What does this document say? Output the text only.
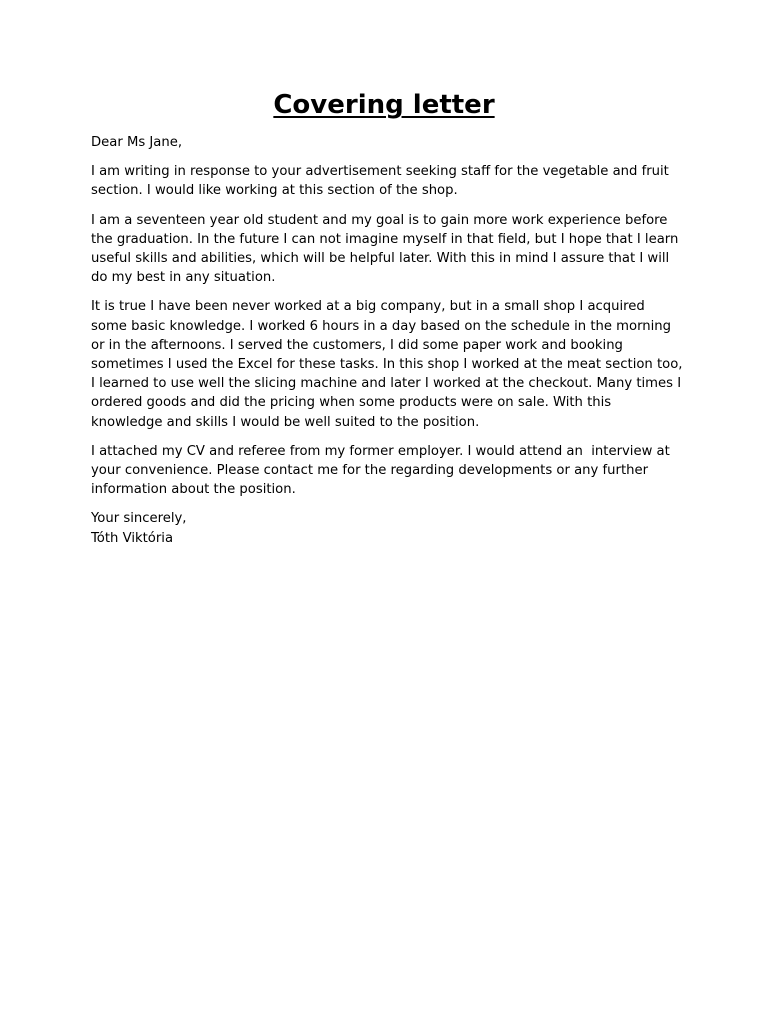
Covering letter

Dear Ms Jane,

I am writing in response to your advertisement seeking staff for the vegetable and fruit section. I would like working at this section of the shop.

I am a seventeen year old student and my goal is to gain more work experience before the graduation. In the future I can not imagine myself in that field, but I hope that I learn useful skills and abilities, which will be helpful later. With this in mind I assure that I will do my best in any situation.

It is true I have been never worked at a big company, but in a small shop I acquired some basic knowledge. I worked 6 hours in a day based on the schedule in the morning or in the afternoons. I served the customers, I did some paper work and booking sometimes I used the Excel for these tasks. In this shop I worked at the meat section too, I learned to use well the slicing machine and later I worked at the checkout. Many times I ordered goods and did the pricing when some products were on sale. With this knowledge and skills I would be well suited to the position.

I attached my CV and referee from my former employer. I would attend an  interview at your convenience. Please contact me for the regarding developments or any further information about the position.

Your sincerely,
Tóth Viktória
